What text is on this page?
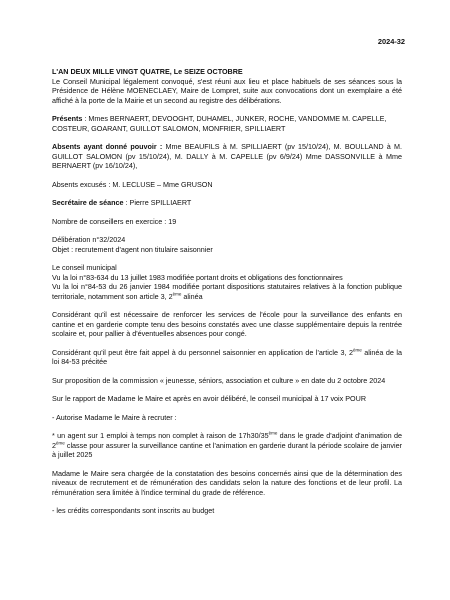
2024-32

L'AN DEUX MILLE VINGT QUATRE, Le SEIZE OCTOBRE

Le Conseil Municipal légalement convoqué, s'est réuni aux lieu et place habituels de ses séances sous la Présidence de Hélène MOENECLAEY, Maire de Lompret, suite aux convocations dont un exemplaire a été affiché à la porte de la Mairie et un second au registre des délibérations.

Présents : Mmes BERNAERT, DEVOOGHT, DUHAMEL, JUNKER, ROCHE, VANDOMME M. CAPELLE, COSTEUR, GOARANT, GUILLOT SALOMON, MONFRIER, SPILLIAERT

Absents ayant donné pouvoir : Mme BEAUFILS à M. SPILLIAERT (pv 15/10/24), M. BOULLAND à M. GUILLOT SALOMON (pv 15/10/24), M. DALLY à M. CAPELLE (pv 6/9/24) Mme DASSONVILLE à Mme BERNAERT (pv 16/10/24),

Absents excusés : M. LECLUSE – Mme GRUSON

Secrétaire de séance : Pierre SPILLIAERT

Nombre de conseillers en exercice : 19

Délibération n°32/2024

Objet : recrutement d'agent non titulaire saisonnier

Le conseil municipal

Vu la loi n°83-634 du 13 juillet 1983 modifiée portant droits et obligations des fonctionnaires

Vu la loi n°84-53 du 26 janvier 1984 modifiée portant dispositions statutaires relatives à la fonction publique territoriale, notamment son article 3, 2ème alinéa

Considérant qu'il est nécessaire de renforcer les services de l'école pour la surveillance des enfants en cantine et en garderie compte tenu des besoins constatés avec une classe supplémentaire depuis la rentrée scolaire et, pour pallier à d'éventuelles absences pour congé.

Considérant qu'il peut être fait appel à du personnel saisonnier en application de l'article 3, 2ème alinéa de la loi 84-53 précitée

Sur proposition de la commission « jeunesse, séniors, association et culture » en date du 2 octobre 2024

Sur le rapport de Madame le Maire et après en avoir délibéré, le conseil municipal à 17 voix POUR

- Autorise Madame le Maire à recruter :

* un agent sur 1 emploi à temps non complet à raison de 17h30/35ème dans le grade d'adjoint d'animation de 2ème classe pour assurer la surveillance cantine et l'animation en garderie durant la période scolaire de janvier à juillet 2025

Madame le Maire sera chargée de la constatation des besoins concernés ainsi que de la détermination des niveaux de recrutement et de rémunération des candidats selon la nature des fonctions et de leur profil. La rémunération sera limitée à l'indice terminal du grade de référence.

- les crédits correspondants sont inscrits au budget
